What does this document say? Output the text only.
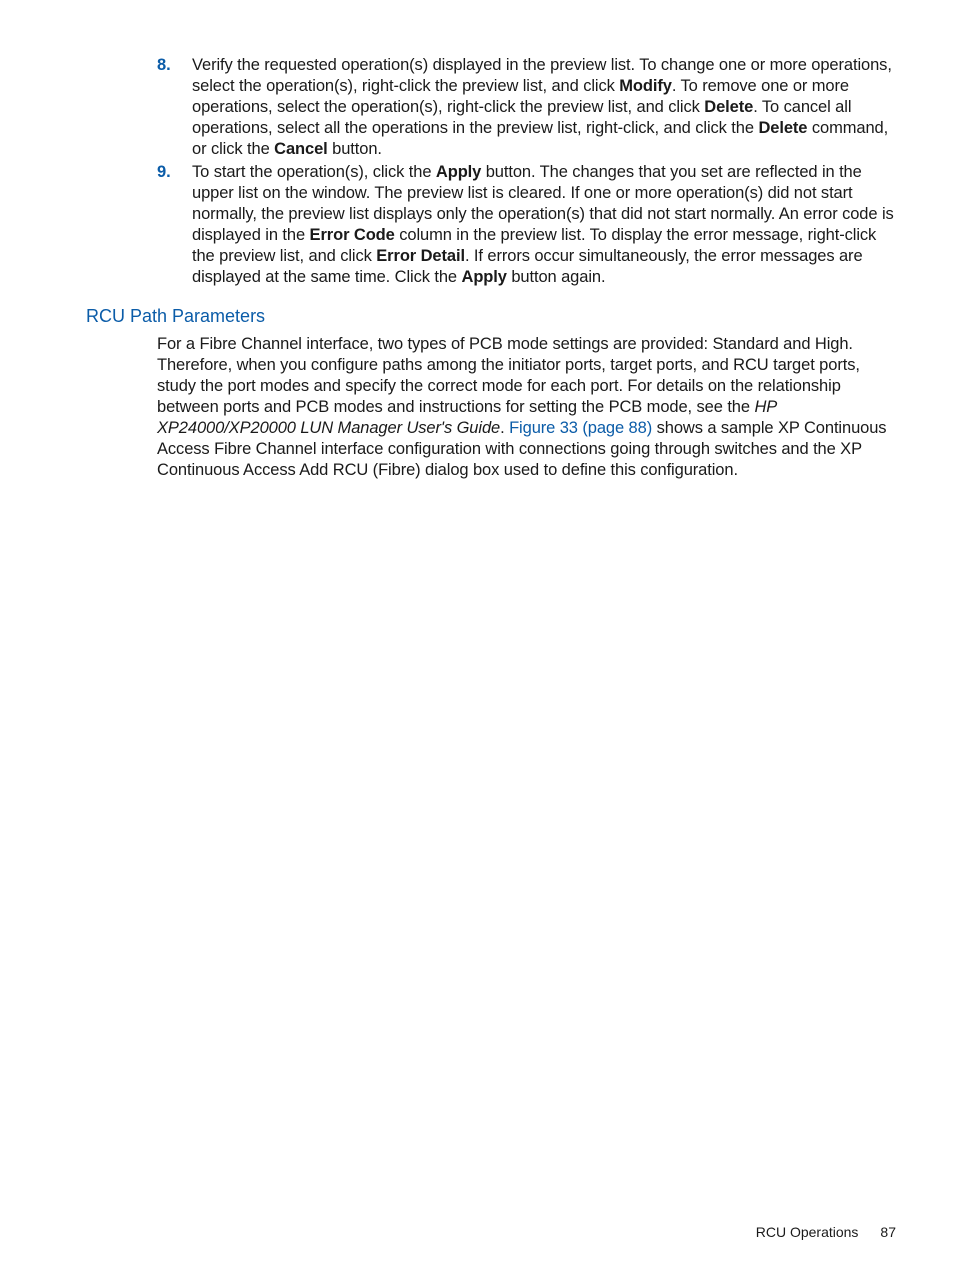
8.	Verify the requested operation(s) displayed in the preview list. To change one or more operations, select the operation(s), right-click the preview list, and click Modify. To remove one or more operations, select the operation(s), right-click the preview list, and click Delete. To cancel all operations, select all the operations in the preview list, right-click, and click the Delete command, or click the Cancel button.
9.	To start the operation(s), click the Apply button. The changes that you set are reflected in the upper list on the window. The preview list is cleared. If one or more operation(s) did not start normally, the preview list displays only the operation(s) that did not start normally. An error code is displayed in the Error Code column in the preview list. To display the error message, right-click the preview list, and click Error Detail. If errors occur simultaneously, the error messages are displayed at the same time. Click the Apply button again.
RCU Path Parameters

For a Fibre Channel interface, two types of PCB mode settings are provided: Standard and High. Therefore, when you configure paths among the initiator ports, target ports, and RCU target ports, study the port modes and specify the correct mode for each port. For details on the relationship between ports and PCB modes and instructions for setting the PCB mode, see the HP XP24000/XP20000 LUN Manager User's Guide. Figure 33 (page 88) shows a sample XP Continuous Access Fibre Channel interface configuration with connections going through switches and the XP Continuous Access Add RCU (Fibre) dialog box used to define this configuration.

RCU Operations 87
